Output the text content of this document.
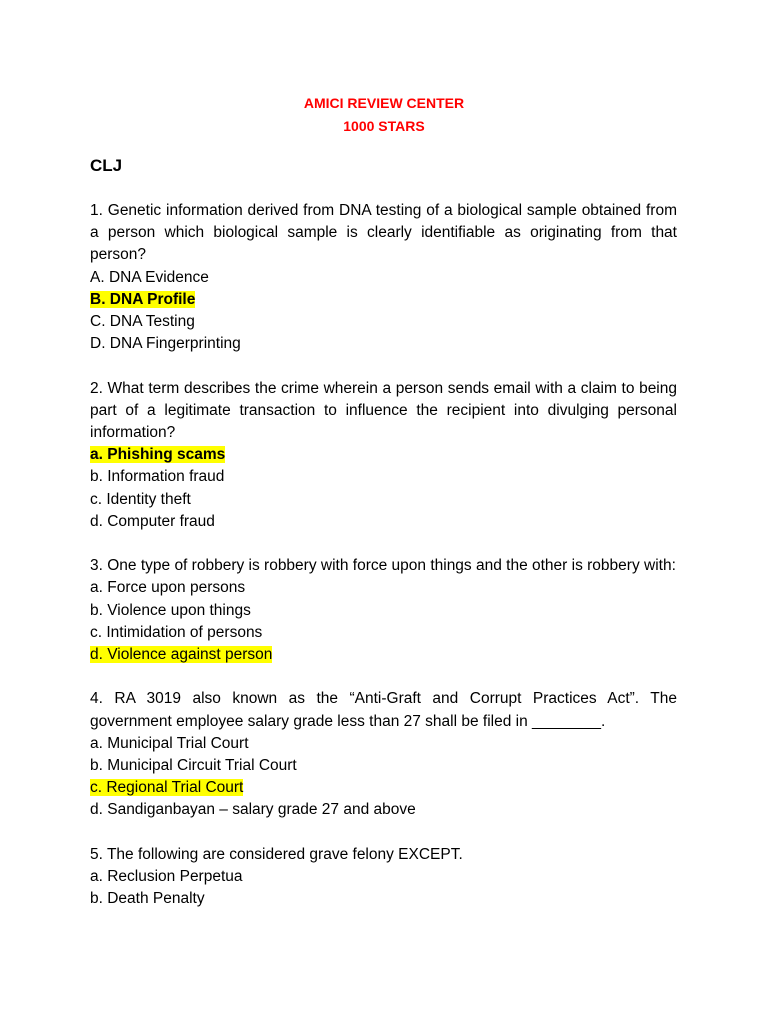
AMICI REVIEW CENTER
1000 STARS
CLJ
1. Genetic information derived from DNA testing of a biological sample obtained from a person which biological sample is clearly identifiable as originating from that person?
A. DNA Evidence
B. DNA Profile
C. DNA Testing
D. DNA Fingerprinting
2. What term describes the crime wherein a person sends email with a claim to being part of a legitimate transaction to influence the recipient into divulging personal information?
a. Phishing scams
b. Information fraud
c. Identity theft
d. Computer fraud
3. One type of robbery is robbery with force upon things and the other is robbery with:
a. Force upon persons
b. Violence upon things
c. Intimidation of persons
d. Violence against person
4. RA 3019 also known as the “Anti-Graft and Corrupt Practices Act”. The government employee salary grade less than 27 shall be filed in ________.
a. Municipal Trial Court
b. Municipal Circuit Trial Court
c. Regional Trial Court
d. Sandiganbayan – salary grade 27 and above
5. The following are considered grave felony EXCEPT.
a. Reclusion Perpetua
b. Death Penalty
